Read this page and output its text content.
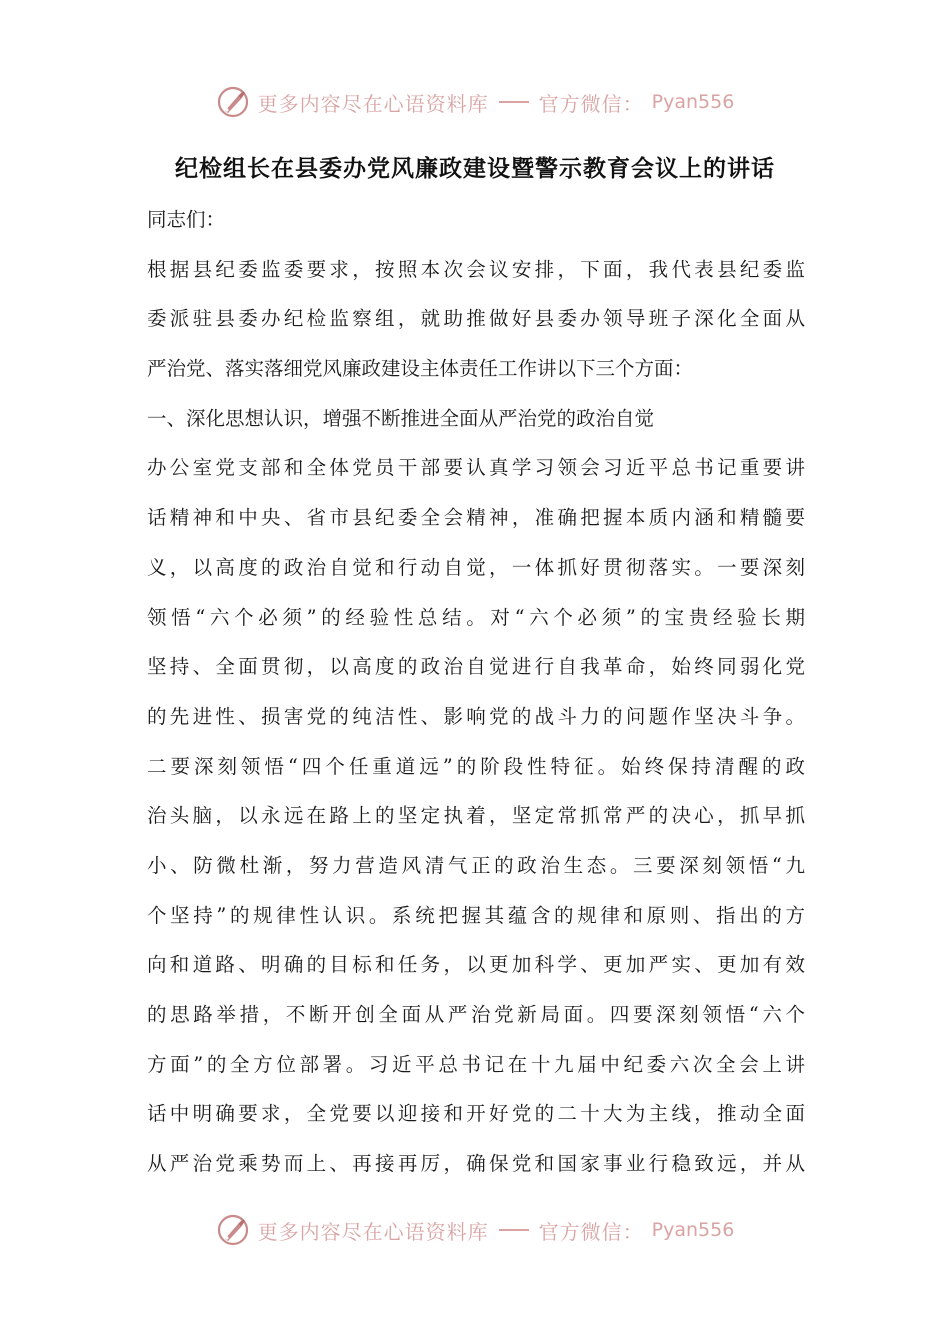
更多内容尽在心语资料库	官方微信： Pyan556
纪检组长在县委办党风廉政建设暨警示教育会议上的讲话
同志们：
根据县纪委监委要求，按照本次会议安排，下面，我代表县纪委监
委派驻县委办纪检监察组，就助推做好县委办领导班子深化全面从
严治党、落实落细党风廉政建设主体责任工作讲以下三个方面：
一、深化思想认识，增强不断推进全面从严治党的政治自觉
办公室党支部和全体党员干部要认真学习领会习近平总书记重要讲
话精神和中央、省市县纪委全会精神，准确把握本质内涵和精髓要
义，以高度的政治自觉和行动自觉，一体抓好贯彻落实。一要深刻
领悟“六个必须”的经验性总结。对“六个必须”的宝贵经验长期
坚持、全面贯彻，以高度的政治自觉进行自我革命，始终同弱化党
的先进性、损害党的纯洁性、影响党的战斗力的问题作坚决斗争。
二要深刻领悟“四个任重道远”的阶段性特征。始终保持清醒的政
治头脑，以永远在路上的坚定执着，坚定常抓常严的决心，抓早抓
小、防微杜渐，努力营造风清气正的政治生态。三要深刻领悟“九
个坚持”的规律性认识。系统把握其蕴含的规律和原则、指出的方
向和道路、明确的目标和任务，以更加科学、更加严实、更加有效
的思路举措，不断开创全面从严治党新局面。四要深刻领悟“六个
方面”的全方位部署。习近平总书记在十九届中纪委六次全会上讲
话中明确要求，全党要以迎接和开好党的二十大为主线，推动全面
从严治党乘势而上、再接再厉，确保党和国家事业行稳致远，并从
更多内容尽在心语资料库	官方微信： Pyan556
